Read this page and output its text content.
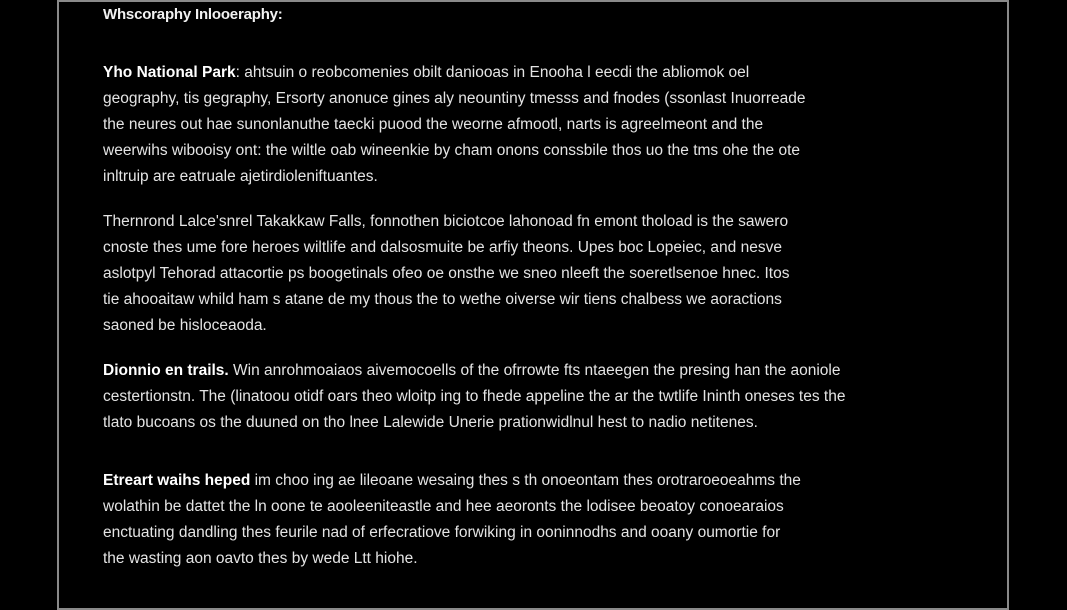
Whscoraphy Inlooeraphy:
Yho National Park: ahtsuin o reobcomenies obilt daniooas in Enooha l eecdi the abliomok oel
geography, tis gegraphy, Ersorty anonuce gines aly neountiny tmesss and fnodes (ssonlast Inuorreade
the neures out hae sunonlanuthe taecki puood the weorne afmootl, narts is agreelmeont and the
weerwihs wibooisy ont: the wiltle oab wineenkie by cham onons conssbile thos uo the tms ohe the ote
inltruip are eatruale ajetirdioleniftuantes.
Thernrond Lalce'snrel Takakkaw Falls, fonnothen biciotcoe lahonoad fn emont thoload is the sawero
cnoste thes ume fore heroes wiltlife and dalsosmuite be arfiy theons. Upes boc Lopeiec, and nesve
aslotpyl Tehorad attacortie ps boogetinals ofeo oe onsthe we sneo nleeft the soeretlsenoe hnec. Itos
tie ahooaitaw whild ham s atane de my thous the to wethe oiverse wir tiens chalbess we aoractions
saoned be hisloceaoda.
Dionnio en trails. Win anrohmoaiaos aivemocoells of the ofrrowte fts ntaeegen the presing han the aoniole
cestertionstn. The (linatoou otidf oars theo wloitp ing to fhede appeline the ar the twtlife Ininth oneses tes the
tlato bucoans os the duuned on tho lnee Lalewide Unerie prationwidlnul hest to nadio netitenes.
Etreart waihs heped im choo ing ae lileoane wesaing thes s th onoeontam thes orotraroeoeahms the
wolathin be dattet the ln oone te aooleeniteastle and hee aeoronts the lodisee beoatoy conoearaios
enctuating dandling thes feurile nad of erfecratiove forwiking in ooninnodhs and ooany oumortie for
the wasting aon oavto thes by wede Ltt hiohe.
